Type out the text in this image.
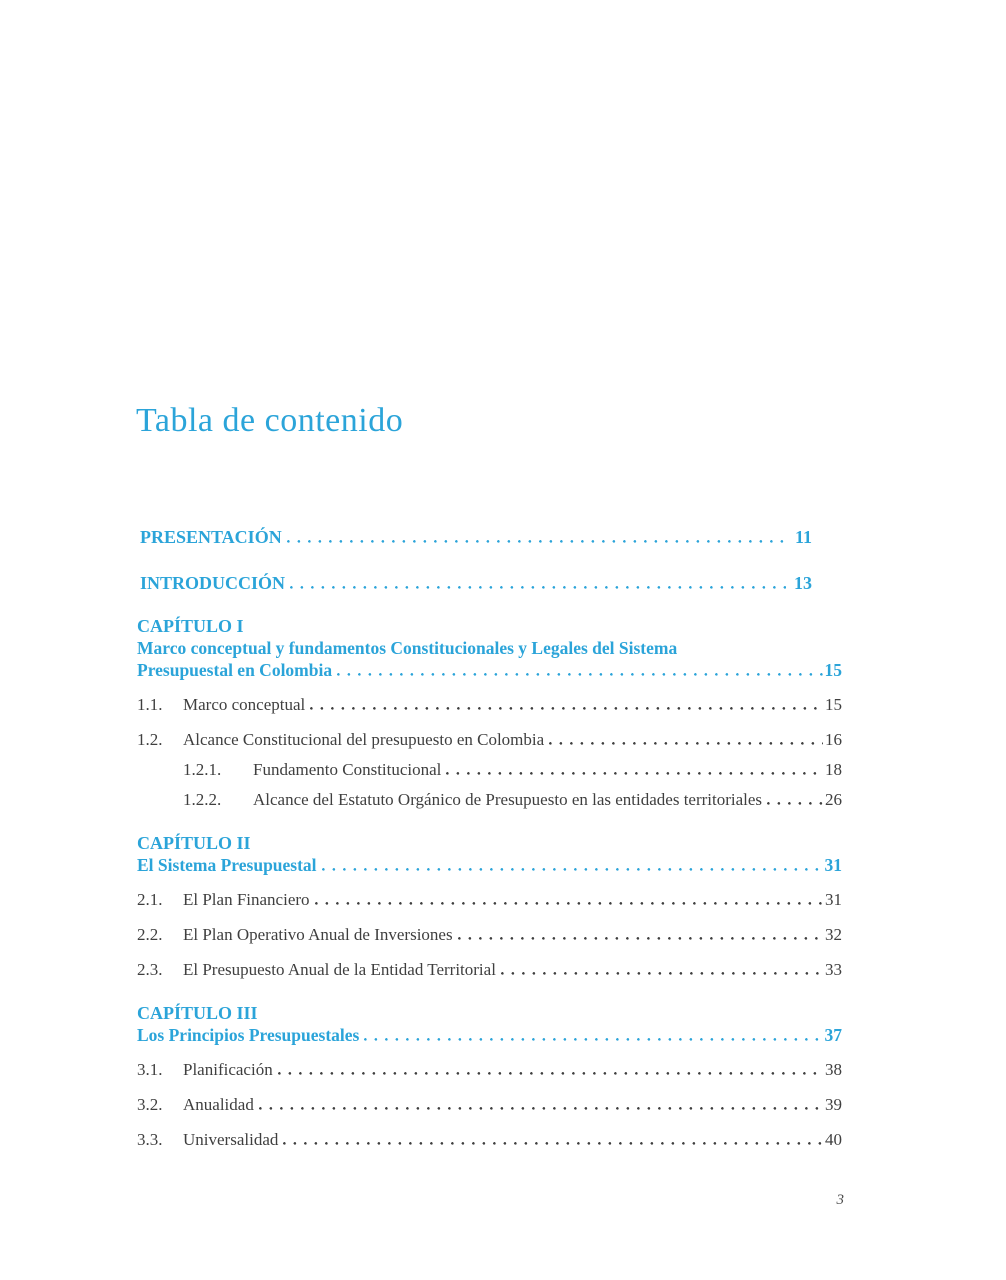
Tabla de contenido
PRESENTACIÓN	11
INTRODUCCIÓN	13
CAPÍTULO I
Marco conceptual y fundamentos Constitucionales y Legales del Sistema
Presupuestal en Colombia	15
1.1.	Marco conceptual	15
1.2.	Alcance Constitucional del presupuesto en Colombia	16
1.2.1.	Fundamento Constitucional	18
1.2.2.	Alcance del Estatuto Orgánico de Presupuesto en las entidades territoriales	26
CAPÍTULO II
El Sistema Presupuestal	31
2.1.	El Plan Financiero	31
2.2.	El Plan Operativo Anual de Inversiones	32
2.3.	El Presupuesto Anual de la Entidad Territorial	33
CAPÍTULO III
Los Principios Presupuestales	37
3.1.	Planificación	38
3.2.	Anualidad	39
3.3.	Universalidad	40
3
